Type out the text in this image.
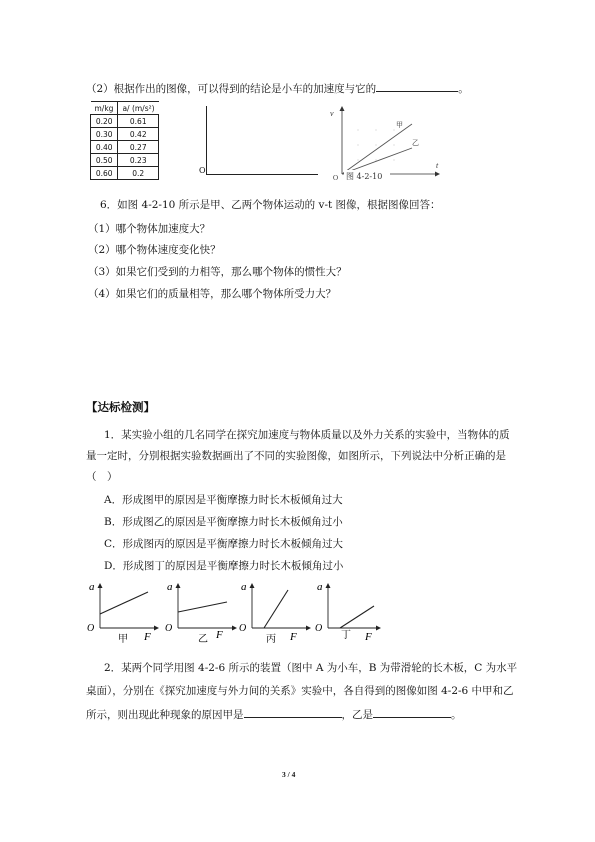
（2）根据作出的图像，可以得到的结论是小车的加速度与它的	。
m/kg	a/ (m/s²)
0.20	0.61
0.30	0.42
0.40	0.27
0.50	0.23
0.60	0.2	O
v
t
O
甲
乙
图 4-2-10
6．如图 4-2-10 所示是甲、乙两个物体运动的 v-t 图像，根据图像回答：
（1）哪个物体加速度大？
（2）哪个物体速度变化快？
（3）如果它们受到的力相等，那么哪个物体的惯性大？
（4）如果它们的质量相等，那么哪个物体所受力大？
【达标检测】
1．某实验小组的几名同学在探究加速度与物体质量以及外力关系的实验中，当物体的质
量一定时，分别根据实验数据画出了不同的实验图像，如图所示，下列说法中分析正确的是
（　）
A．形成图甲的原因是平衡摩擦力时长木板倾角过大
B．形成图乙的原因是平衡摩擦力时长木板倾角过小
C．形成图丙的原因是平衡摩擦力时长木板倾角过大
D．形成图丁的原因是平衡摩擦力时长木板倾角过小
a
O
F
甲
a
O
F
乙
a
O
F
丙
a
O
F
丁
2．某两个同学用图 4-2-6 所示的装置（图中 A 为小车，B 为带滑轮的长木板，C 为水平
桌面），分别在《探究加速度与外力间的关系》实验中，各自得到的图像如图 4-2-6 中甲和乙
所示，则出现此种现象的原因甲是	，乙是	。
3 / 4
